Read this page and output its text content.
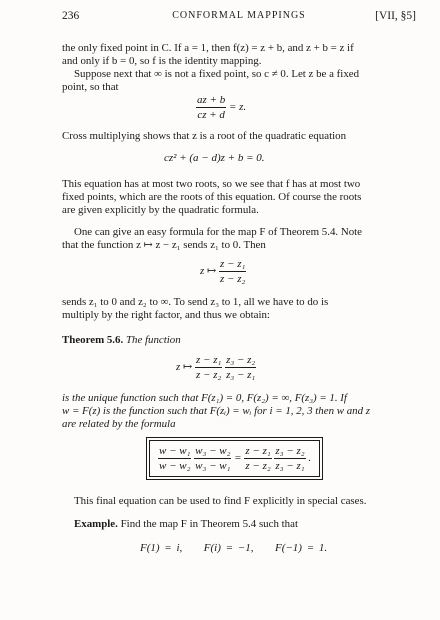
236	CONFORMAL MAPPINGS	[VII, §5]
the only fixed point in C. If a = 1, then f(z) = z + b, and z + b = z if
and only if b = 0, so f is the identity mapping.
Suppose next that ∞ is not a fixed point, so c ≠ 0. Let z be a fixed
point, so that
$\frac{az + b}{cz + d} = z$.
Cross multiplying shows that z is a root of the quadratic equation
cz² + (a − d)z + b = 0.
This equation has at most two roots, so we see that f has at most two
fixed points, which are the roots of this equation. Of course the roots
are given explicitly by the quadratic formula.
One can give an easy formula for the map F of Theorem 5.4. Note
that the function z ↦ z − z₁ sends z₁ to 0. Then
z ↦ $\frac{\text{z − z₁}}{\text{z − z₂}}$
sends z₁ to 0 and z₂ to ∞. To send z₃ to 1, all we have to do is
multiply by the right factor, and thus we obtain:
Theorem 5.6. The function
z ↦ $\frac{\text{z − z₁}}{\text{z − z₂}}$
$\frac{\text{z₃ − z₂}}{\text{z₃ − z₁}}$
is the unique function such that F(z₁) = 0, F(z₂) = ∞, F(z₃) = 1. If
w = F(z) is the function such that F(zᵢ) = wᵢ for i = 1, 2, 3 then w and z
are related by the formula
$\frac{\text{w − w₁}}{\text{w − w₂}}$
$\frac{\text{w₃ − w₂}}{\text{w₃ − w₁}} = \frac{\text{z − z₁}}{\text{z − z₂}}$
$\frac{\text{z₃ − z₂}}{\text{z₃ − z₁}}$ .
This final equation can be used to find F explicitly in special cases.
Example. Find the map F in Theorem 5.4 such that
F(1) = i, F(i) = −1, F(−1) = 1.
